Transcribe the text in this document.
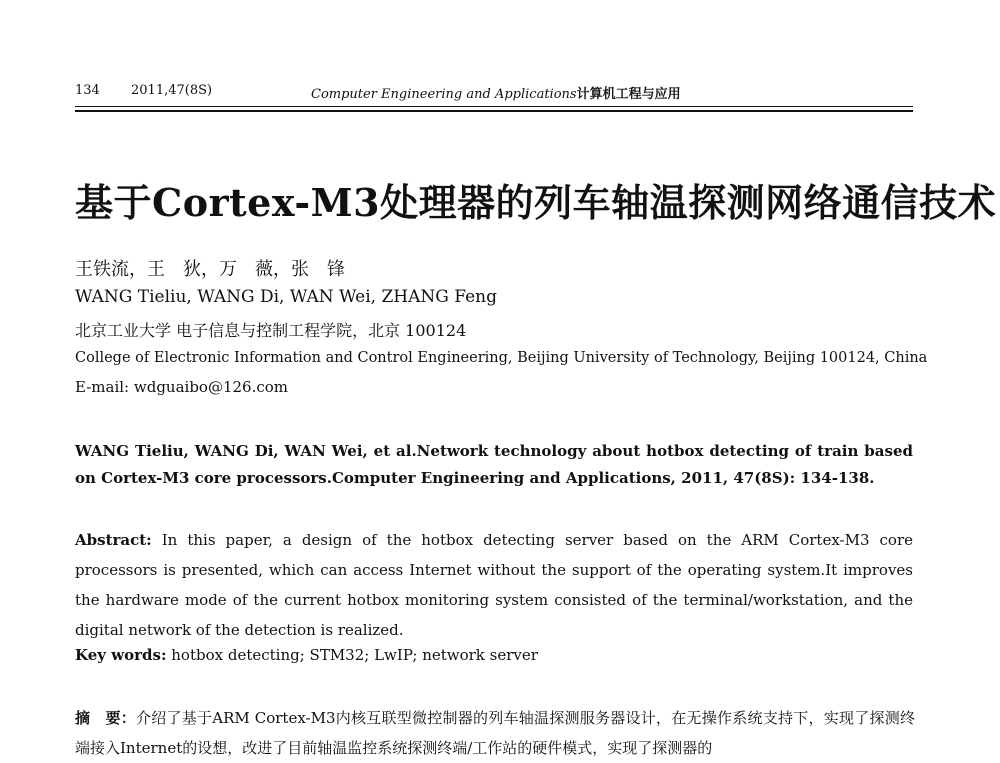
134 2011,47(8S)	Computer Engineering and Applications计算机工程与应用
基于Cortex-M3处理器的列车轴温探测网络通信技术
王铁流，王　狄，万　薇，张　锋
WANG Tieliu, WANG Di, WAN Wei, ZHANG Feng
北京工业大学 电子信息与控制工程学院，北京 100124
College of Electronic Information and Control Engineering, Beijing University of Technology, Beijing 100124, China
E-mail: wdguaibo@126.com
WANG Tieliu, WANG Di, WAN Wei, et al.Network technology about hotbox detecting of train based on Cortex-M3 core processors.Computer Engineering and Applications, 2011, 47(8S): 134-138.
Abstract: In this paper, a design of the hotbox detecting server based on the ARM Cortex-M3 core processors is presented, which can access Internet without the support of the operating system.It improves the hardware mode of the current hotbox monitoring system consisted of the terminal/workstation, and the digital network of the detection is realized.
Key words: hotbox detecting; STM32; LwIP; network server
摘　要：介绍了基于ARM Cortex-M3内核互联型微控制器的列车轴温探测服务器设计，在无操作系统支持下，实现了探测终端接入Internet的设想，改进了目前轴温监控系统探测终端/工作站的硬件模式，实现了探测器的
